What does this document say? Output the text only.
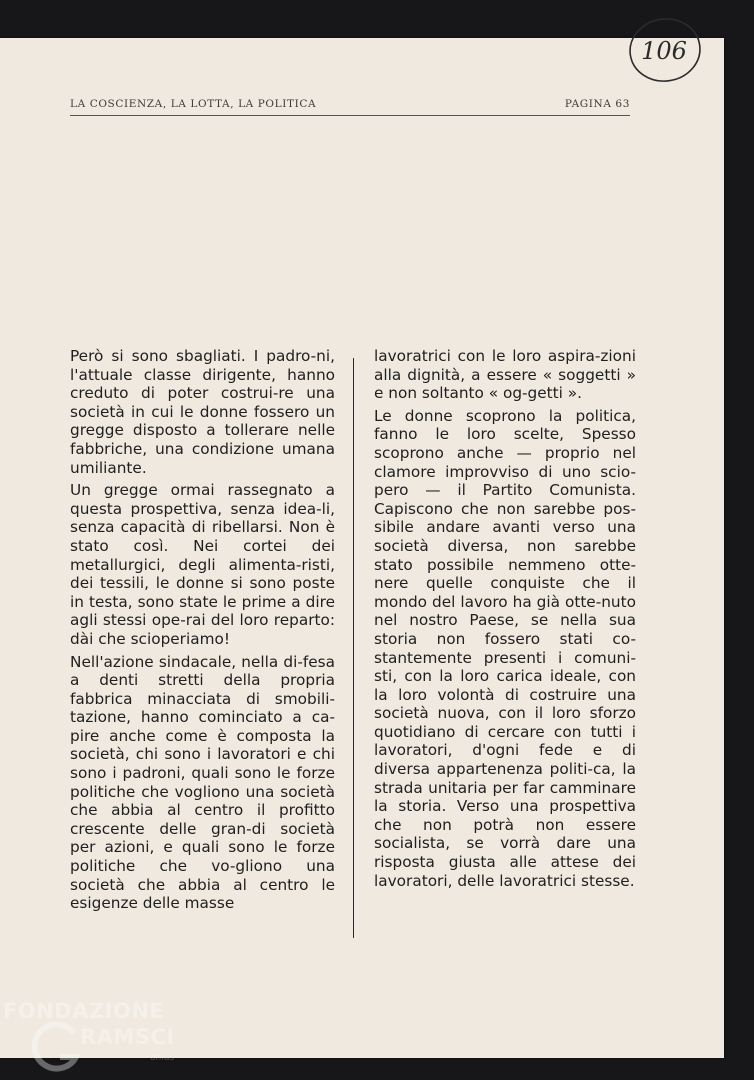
106
LA COSCIENZA, LA LOTTA, LA POLITICA	PAGINA 63

Però si sono sbagliati. I padro-ni, l'attuale classe dirigente, hanno creduto di poter costrui-re una società in cui le donne fossero un gregge disposto a tollerare nelle fabbriche, una condizione umana umiliante.

Un gregge ormai rassegnato a questa prospettiva, senza idea-li, senza capacità di ribellarsi. Non è stato così. Nei cortei dei metallurgici, degli alimenta-risti, dei tessili, le donne si sono poste in testa, sono state le prime a dire agli stessi ope-rai del loro reparto: dài che scioperiamo!

Nell'azione sindacale, nella di-fesa a denti stretti della propria fabbrica minacciata di smobili-tazione, hanno cominciato a ca-pire anche come è composta la società, chi sono i lavoratori e chi sono i padroni, quali sono le forze politiche che vogliono una società che abbia al centro il profitto crescente delle gran-di società per azioni, e quali sono le forze politiche che vo-gliono una società che abbia al centro le esigenze delle masse

lavoratrici con le loro aspira-zioni alla dignità, a essere « soggetti » e non soltanto « og-getti ».

Le donne scoprono la politica, fanno le loro scelte, Spesso scoprono anche — proprio nel clamore improvviso di uno scio-pero — il Partito Comunista. Capiscono che non sarebbe pos-sibile andare avanti verso una società diversa, non sarebbe stato possibile nemmeno otte-nere quelle conquiste che il mondo del lavoro ha già otte-nuto nel nostro Paese, se nella sua storia non fossero stati co-stantemente presenti i comuni-sti, con la loro carica ideale, con la loro volontà di costruire una società nuova, con il loro sforzo quotidiano di cercare con tutti i lavoratori, d'ogni fede e di diversa appartenenza politi-ca, la strada unitaria per far camminare la storia. Verso una prospettiva che non potrà non essere socialista, se vorrà dare una risposta giusta alle attese dei lavoratori, delle lavoratrici stesse.

FONDAZIONE
RAMSCI
onlus
